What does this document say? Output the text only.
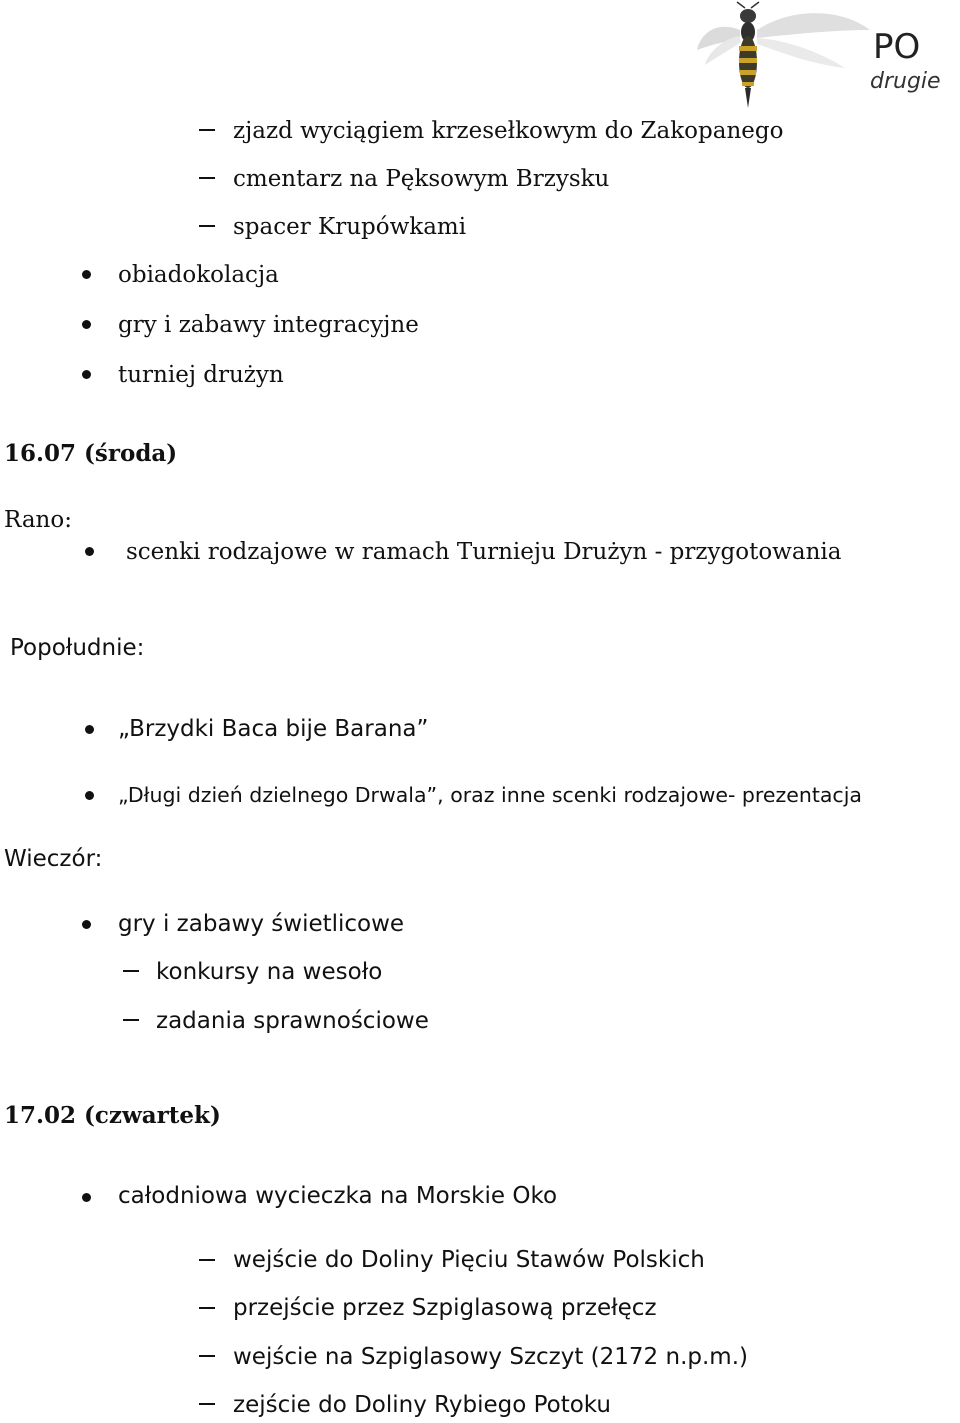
PO
drugie
zjazd wyciągiem krzesełkowym do Zakopanego
cmentarz na Pęksowym Brzysku
spacer Krupówkami
obiadokolacja
gry i zabawy integracyjne
turniej drużyn
16.07 (środa)
Rano:
scenki rodzajowe w ramach Turnieju Drużyn - przygotowania
Popołudnie:
„Brzydki Baca bije Barana”
„Długi dzień dzielnego Drwala”, oraz inne scenki rodzajowe- prezentacja
Wieczór:
gry i zabawy świetlicowe
konkursy na wesoło
zadania sprawnościowe
17.02 (czwartek)
całodniowa wycieczka na Morskie Oko
wejście do Doliny Pięciu Stawów Polskich
przejście przez Szpiglasową przełęcz
wejście na Szpiglasowy Szczyt (2172 n.p.m.)
zejście do Doliny Rybiego Potoku
